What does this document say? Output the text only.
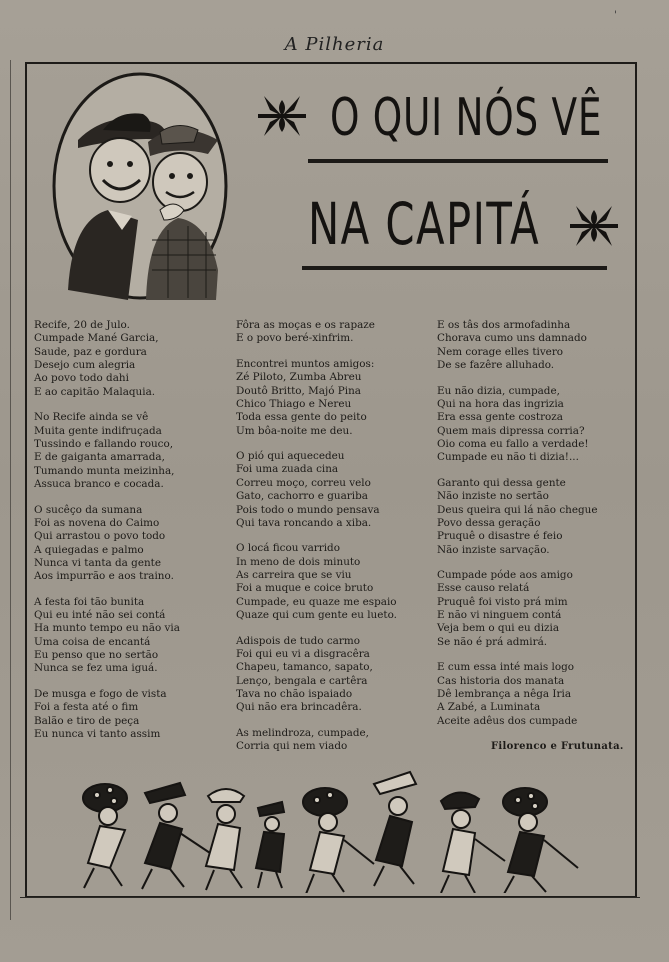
'
A Pilheria
O QUI NÓS VÊ
NA CAPITÁ
Recife, 20 de Julo.
Cumpade Mané Garcia,
Saude, paz e gordura
Desejo cum alegria
Ao povo todo dahi
E ao capitão Malaquia.
No Recife ainda se vê
Muita gente indifruçada
Tussindo e fallando rouco,
E de gaiganta amarrada,
Tumando munta meizinha,
Assuca branco e cocada.
O sucêço da sumana
Foi as novena do Caimo
Qui arrastou o povo todo
A quiegadas e palmo
Nunca vi tanta da gente
Aos impurrão e aos traino.
A festa foi tão bunita
Qui eu inté não sei contá
Ha munto tempo eu não via
Uma coisa de encantá
Eu penso que no sertão
Nunca se fez uma iguá.
De musga e fogo de vista
Foi a festa até o fim
Balão e tiro de peça
Eu nunca vi tanto assim
Fôra as moças e os rapaze
E o povo beré-xinfrim.
Encontrei muntos amigos:
Zé Piloto, Zumba Abreu
Doutô Britto, Majó Pina
Chico Thiago e Nereu
Toda essa gente do peito
Um bôa-noite me deu.
O pió qui aquecedeu
Foi uma zuada cina
Correu moço, correu velo
Gato, cachorro e guariba
Pois todo o mundo pensava
Qui tava roncando a xiba.
O locá ficou varrido
In meno de dois minuto
As carreira que se viu
Foi a muque e coice bruto
Cumpade, eu quaze me espaio
Quaze qui cum gente eu lueto.
Adispois de tudo carmo
Foi qui eu vi a disgracêra
Chapeu, tamanco, sapato,
Lenço, bengala e cartêra
Tava no chão ispaiado
Qui não era brincadêra.
As melindroza, cumpade,
Corria qui nem viado
E os tâs dos armofadinha
Chorava cumo uns damnado
Nem corage elles tivero
De se fazêre alluhado.
Eu não dizia, cumpade,
Qui na hora das ingrizia
Era essa gente costroza
Quem mais dipressa corria?
Oio coma eu fallo a verdade!
Cumpade eu não ti dizia!...
Garanto qui dessa gente
Não inziste no sertão
Deus queira qui lá não chegue
Povo dessa geração
Pruquê o disastre é feio
Não inziste sarvação.
Cumpade póde aos amigo
Esse causo relatá
Pruquê foi visto prá mim
E não vi ninguem contá
Veja bem o qui eu dizia
Se não é prá admirá.
E cum essa inté mais logo
Cas historia dos manata
Dê lembrança a nêga Iria
A Zabé, a Luminata
Aceite adêus dos cumpade
Filorenco e Frutunata.
